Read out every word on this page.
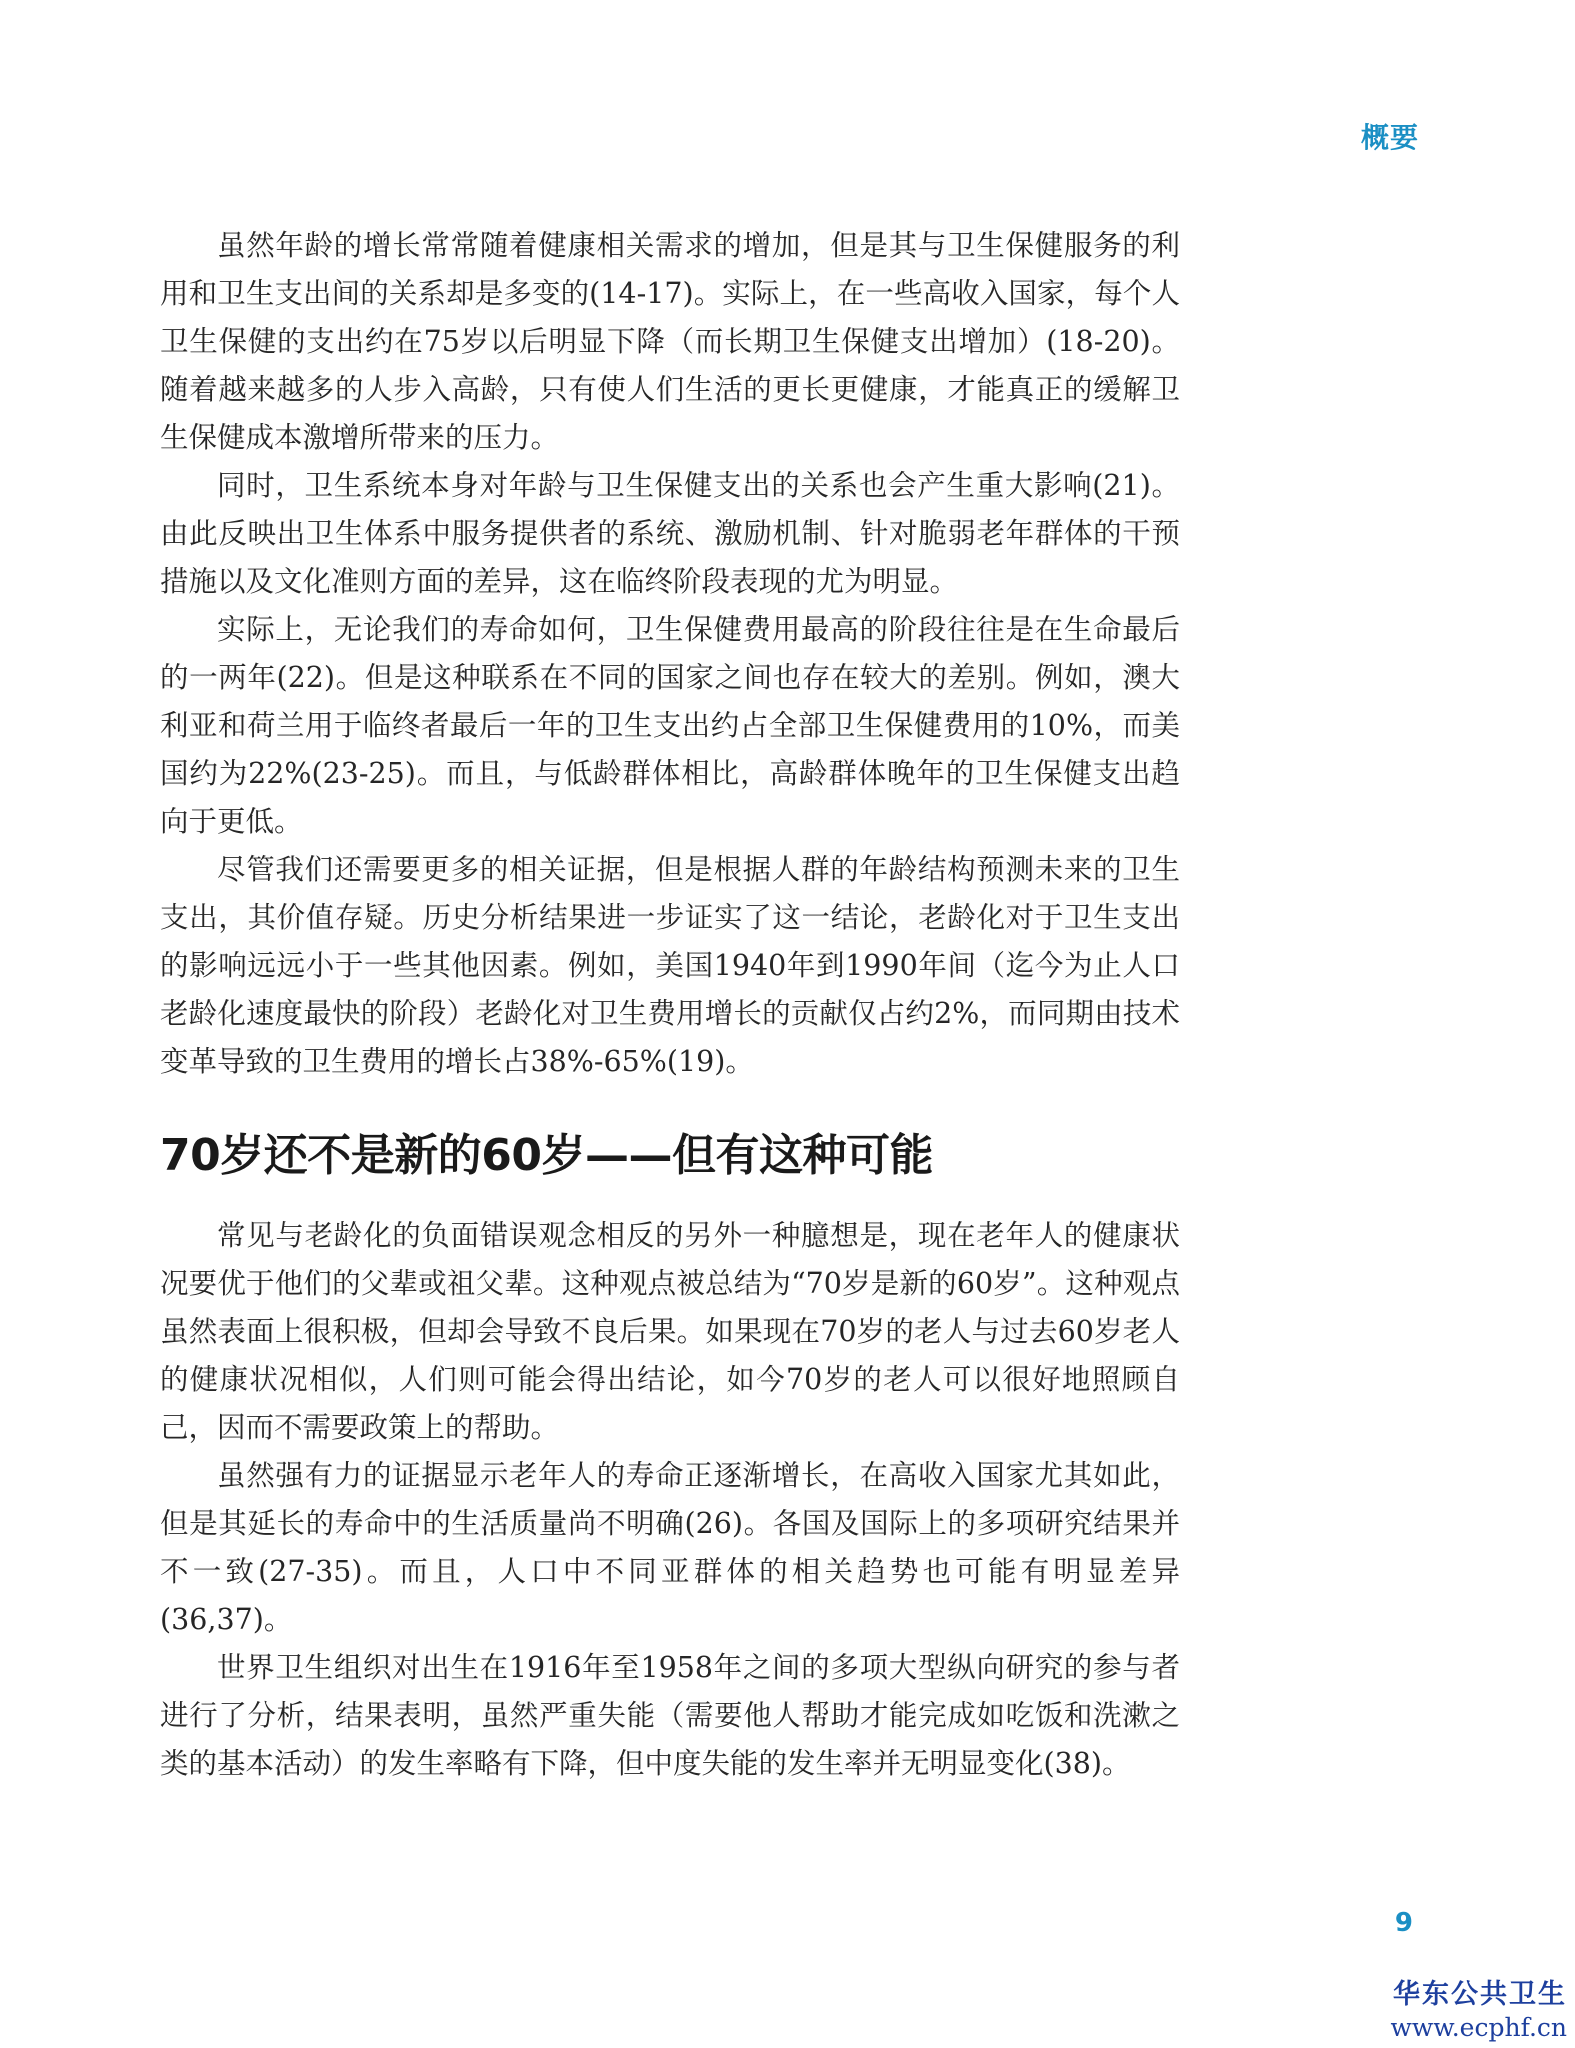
概要

虽然年龄的增长常常随着健康相关需求的增加，但是其与卫生保健服务的利用和卫生支出间的关系却是多变的(14-17)。实际上，在一些高收入国家，每个人卫生保健的支出约在75岁以后明显下降（而长期卫生保健支出增加）(18-20)。随着越来越多的人步入高龄，只有使人们生活的更长更健康，才能真正的缓解卫生保健成本激增所带来的压力。

同时，卫生系统本身对年龄与卫生保健支出的关系也会产生重大影响(21)。由此反映出卫生体系中服务提供者的系统、激励机制、针对脆弱老年群体的干预措施以及文化准则方面的差异，这在临终阶段表现的尤为明显。

实际上，无论我们的寿命如何，卫生保健费用最高的阶段往往是在生命最后的一两年(22)。但是这种联系在不同的国家之间也存在较大的差别。例如，澳大利亚和荷兰用于临终者最后一年的卫生支出约占全部卫生保健费用的10%，而美国约为22%(23-25)。而且，与低龄群体相比，高龄群体晚年的卫生保健支出趋向于更低。

尽管我们还需要更多的相关证据，但是根据人群的年龄结构预测未来的卫生支出，其价值存疑。历史分析结果进一步证实了这一结论，老龄化对于卫生支出的影响远远小于一些其他因素。例如，美国1940年到1990年间（迄今为止人口老龄化速度最快的阶段）老龄化对卫生费用增长的贡献仅占约2%，而同期由技术变革导致的卫生费用的增长占38%-65%(19)。

70岁还不是新的60岁——但有这种可能

常见与老龄化的负面错误观念相反的另外一种臆想是，现在老年人的健康状况要优于他们的父辈或祖父辈。这种观点被总结为“70岁是新的60岁”。这种观点虽然表面上很积极，但却会导致不良后果。如果现在70岁的老人与过去60岁老人的健康状况相似，人们则可能会得出结论，如今70岁的老人可以很好地照顾自己，因而不需要政策上的帮助。

虽然强有力的证据显示老年人的寿命正逐渐增长，在高收入国家尤其如此，但是其延长的寿命中的生活质量尚不明确(26)。各国及国际上的多项研究结果并不一致(27-35)。而且，人口中不同亚群体的相关趋势也可能有明显差异(36,37)。

世界卫生组织对出生在1916年至1958年之间的多项大型纵向研究的参与者进行了分析，结果表明，虽然严重失能（需要他人帮助才能完成如吃饭和洗漱之类的基本活动）的发生率略有下降，但中度失能的发生率并无明显变化(38)。

9
华东公共卫生
www.ecphf.cn
